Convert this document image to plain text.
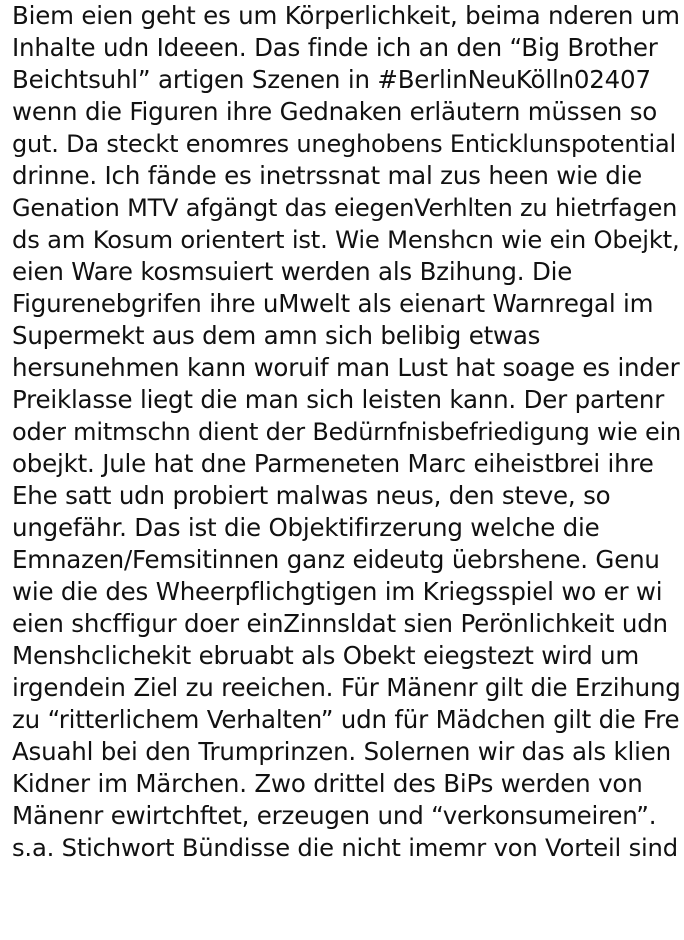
Biem eien geht es um Körperlichkeit, beima nderen um
Inhalte udn Ideeen. Das finde ich an den “Big Brother
Beichtsuhl” artigen Szenen in #BerlinNeuKölln02407
wenn die Figuren ihre Gednaken erläutern müssen so
gut. Da steckt enomres uneghobens Enticklunspotential
drinne. Ich fände es inetrssnat mal zus heen wie die
Genation MTV afgängt das eiegenVerhlten zu hietrfagen
ds am Kosum orientert ist. Wie Menshcn wie ein Obejkt,
eien Ware kosmsuiert werden als Bzihung. Die
Figurenebgrifen ihre uMwelt als eienart Warnregal im
Supermekt aus dem amn sich belibig etwas
hersunehmen kann woruif man Lust hat soage es inder
Preiklasse liegt die man sich leisten kann. Der partenr
oder mitmschn dient der Bedürnfnisbefriedigung wie ein
obejkt. Jule hat dne Parmeneten Marc eiheistbrei ihre
Ehe satt udn probiert malwas neus, den steve, so
ungefähr. Das ist die Objektifirzerung welche die
Emnazen/Femsitinnen ganz eideutg üebrshene. Genu
wie die des Wheerpflichgtigen im Kriegsspiel wo er wi
eien shcffigur doer einZinnsldat sien Perönlichkeit udn
Menshclichekit ebruabt als Obekt eiegstezt wird um
irgendein Ziel zu reeichen. Für Mänenr gilt die Erzihung
zu “ritterlichem Verhalten” udn für Mädchen gilt die Fre
Asuahl bei den Trumprinzen. Solernen wir das als klien
Kidner im Märchen. Zwo drittel des BiPs werden von
Mänenr ewirtchftet, erzeugen und “verkonsumeiren”.
s.a. Stichwort Bündisse die nicht imemr von Vorteil sind
